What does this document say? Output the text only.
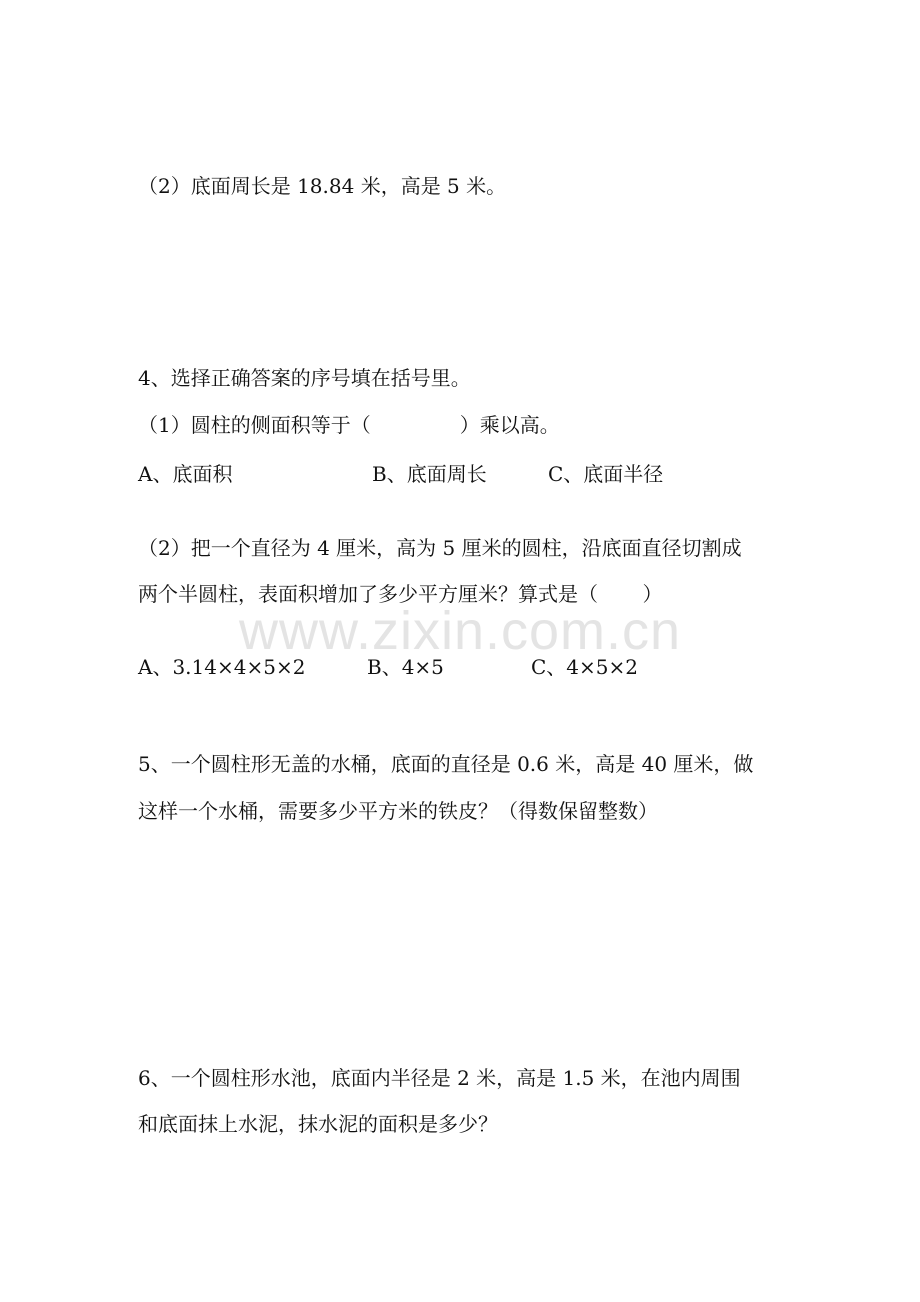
www.zixin.com.cn

（2）底面周长是 18.84 米，高是 5 米。

4、选择正确答案的序号填在括号里。

（1）圆柱的侧面积等于（              ）乘以高。

A、底面积	B、底面周长	C、底面半径

（2）把一个直径为 4 厘米，高为 5 厘米的圆柱，沿底面直径切割成

两个半圆柱，表面积增加了多少平方厘米？算式是（       ）

A、3.14×4×5×2	B、4×5	C、4×5×2

5、一个圆柱形无盖的水桶，底面的直径是 0.6 米，高是 40 厘米，做

这样一个水桶，需要多少平方米的铁皮？（得数保留整数）

6、一个圆柱形水池，底面内半径是 2 米，高是 1.5 米，在池内周围

和底面抹上水泥，抹水泥的面积是多少？
